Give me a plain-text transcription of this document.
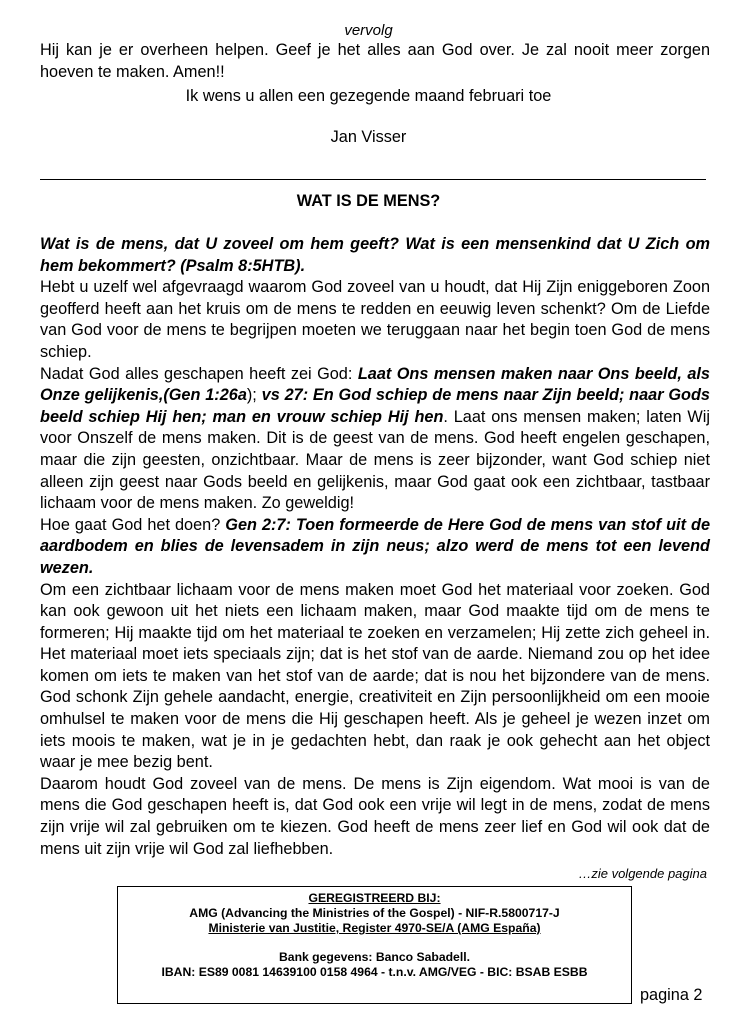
vervolg
Hij kan je er overheen helpen. Geef je het alles aan God over. Je zal nooit meer zorgen hoeven te maken. Amen!!
Ik wens u allen een gezegende maand februari toe
Jan Visser
WAT IS DE MENS?
Wat is de mens, dat U zoveel om hem geeft? Wat is een mensenkind dat U Zich om hem bekommert? (Psalm 8:5HTB).
Hebt u uzelf wel afgevraagd waarom God zoveel van u houdt, dat Hij Zijn eniggeboren Zoon geofferd heeft aan het kruis om de mens te redden en eeuwig leven schenkt? Om de Liefde van God voor de mens te begrijpen moeten we teruggaan naar het begin toen God de mens schiep.
Nadat God alles geschapen heeft zei God: Laat Ons mensen maken naar Ons beeld, als Onze gelijkenis,(Gen 1:26a); vs 27: En God schiep de mens naar Zijn beeld; naar Gods beeld schiep Hij hen; man en vrouw schiep Hij hen. Laat ons mensen maken; laten Wij voor Onszelf de mens maken. Dit is de geest van de mens. God heeft engelen geschapen, maar die zijn geesten, onzichtbaar. Maar de mens is zeer bijzonder, want God schiep niet alleen zijn geest naar Gods beeld en gelijkenis, maar God gaat ook een zichtbaar, tastbaar lichaam voor de mens maken. Zo geweldig!
Hoe gaat God het doen? Gen 2:7: Toen formeerde de Here God de mens van stof uit de aardbodem en blies de levensadem in zijn neus; alzo werd de mens tot een levend wezen.
Om een zichtbaar lichaam voor de mens maken moet God het materiaal voor zoeken. God kan ook gewoon uit het niets een lichaam maken, maar God maakte tijd om de mens te formeren; Hij maakte tijd om het materiaal te zoeken en verzamelen; Hij zette zich geheel in. Het materiaal moet iets speciaals zijn; dat is het stof van de aarde. Niemand zou op het idee komen om iets te maken van het stof van de aarde; dat is nou het bijzondere van de mens. God schonk Zijn gehele aandacht, energie, creativiteit en Zijn persoonlijkheid om een mooie omhulsel te maken voor de mens die Hij geschapen heeft. Als je geheel je wezen inzet om iets moois te maken, wat je in je gedachten hebt, dan raak je ook gehecht aan het object waar je mee bezig bent.
Daarom houdt God zoveel van de mens. De mens is Zijn eigendom. Wat mooi is van de mens die God geschapen heeft is, dat God ook een vrije wil legt in de mens, zodat de mens zijn vrije wil zal gebruiken om te kiezen. God heeft de mens zeer lief en God wil ook dat de mens uit zijn vrije wil God zal liefhebben.
…zie volgende pagina
GEREGISTREERD BIJ:
AMG (Advancing the Ministries of the Gospel) - NIF-R.5800717-J
Ministerie van Justitie, Register 4970-SE/A (AMG España)
Bank gegevens: Banco Sabadell.
IBAN: ES89 0081 14639100 0158 4964 - t.n.v. AMG/VEG - BIC: BSAB ESBB
pagina 2
